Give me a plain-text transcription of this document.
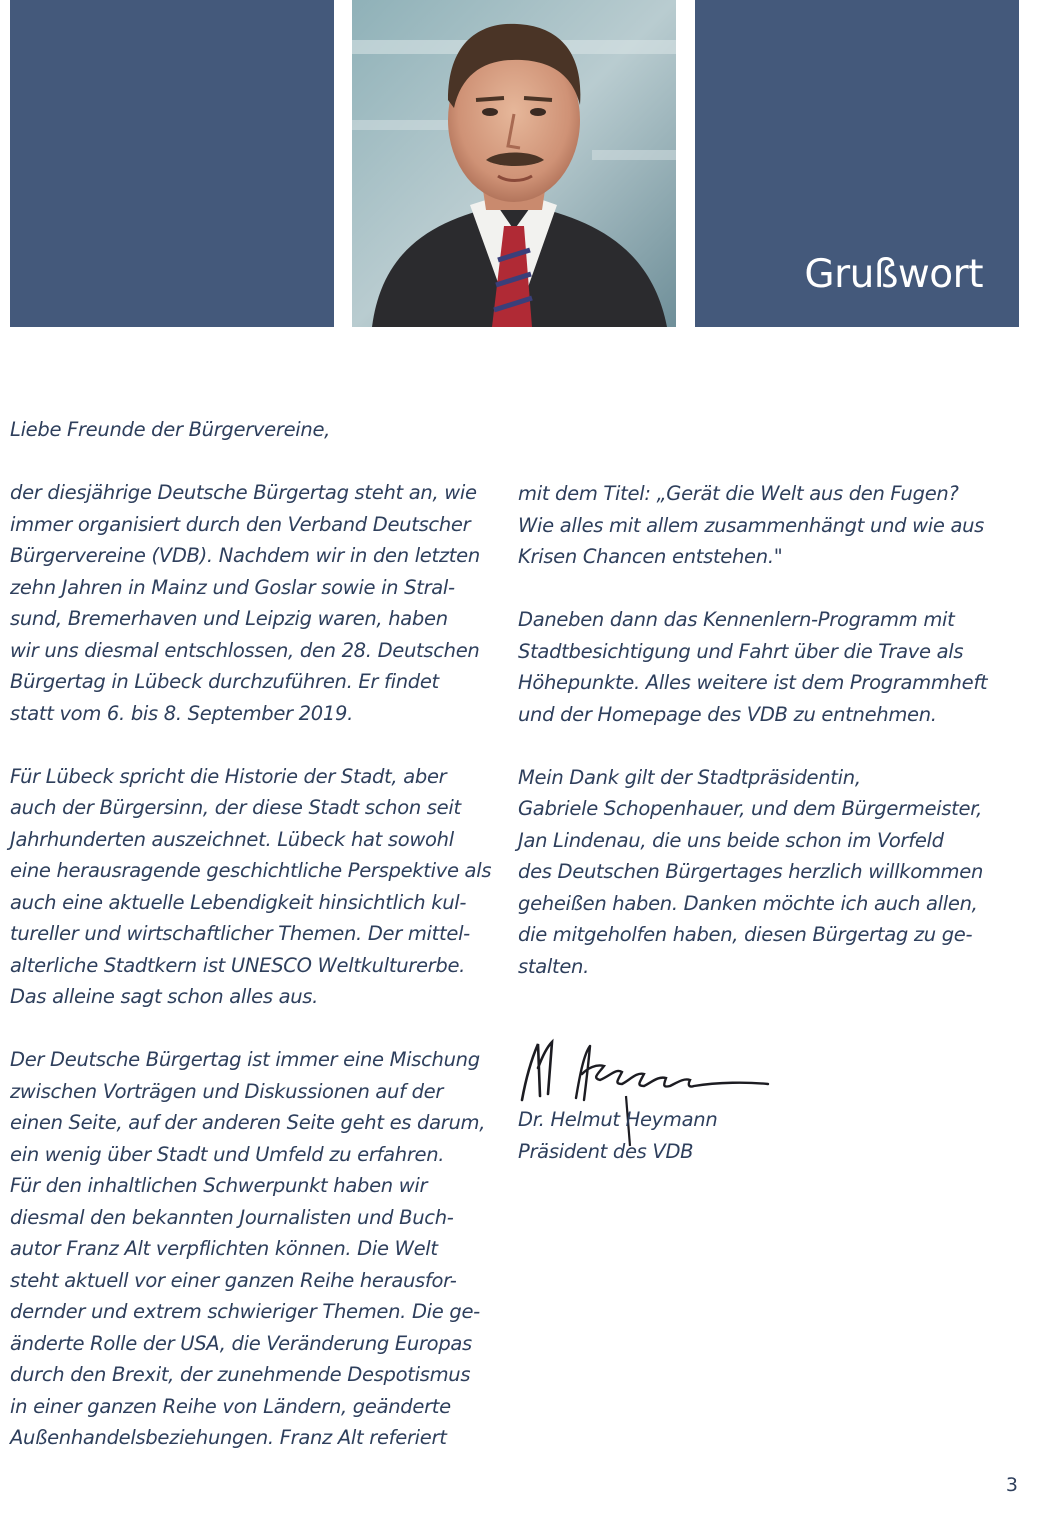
Grußwort

Liebe Freunde der Bürgervereine,

der diesjährige Deutsche Bürgertag steht an, wie
immer organisiert durch den Verband Deutscher
Bürgervereine (VDB). Nachdem wir in den letzten
zehn Jahren in Mainz und Goslar sowie in Stral-
sund, Bremerhaven und Leipzig waren, haben
wir uns diesmal entschlossen, den 28. Deutschen
Bürgertag in Lübeck durchzuführen. Er findet
statt vom 6. bis 8. September 2019.
Für Lübeck spricht die Historie der Stadt, aber
auch der Bürgersinn, der diese Stadt schon seit
Jahrhunderten auszeichnet. Lübeck hat sowohl
eine herausragende geschichtliche Perspektive als
auch eine aktuelle Lebendigkeit hinsichtlich kul-
tureller und wirtschaftlicher Themen. Der mittel-
alterliche Stadtkern ist UNESCO Weltkulturerbe.
Das alleine sagt schon alles aus.
Der Deutsche Bürgertag ist immer eine Mischung
zwischen Vorträgen und Diskussionen auf der
einen Seite, auf der anderen Seite geht es darum,
ein wenig über Stadt und Umfeld zu erfahren.
Für den inhaltlichen Schwerpunkt haben wir
diesmal den bekannten Journalisten und Buch-
autor Franz Alt verpflichten können. Die Welt
steht aktuell vor einer ganzen Reihe herausfor-
dernder und extrem schwieriger Themen. Die ge-
änderte Rolle der USA, die Veränderung Europas
durch den Brexit, der zunehmende Despotismus
in einer ganzen Reihe von Ländern, geänderte
Außenhandelsbeziehungen. Franz Alt referiert
mit dem Titel: „Gerät die Welt aus den Fugen?
Wie alles mit allem zusammenhängt und wie aus
Krisen Chancen entstehen."
Daneben dann das Kennenlern-Programm mit
Stadtbesichtigung und Fahrt über die Trave als
Höhepunkte. Alles weitere ist dem Programmheft
und der Homepage des VDB zu entnehmen.
Mein Dank gilt der Stadtpräsidentin,
Gabriele Schopenhauer, und dem Bürgermeister,
Jan Lindenau, die uns beide schon im Vorfeld
des Deutschen Bürgertages herzlich willkommen
geheißen haben. Danken möchte ich auch allen,
die mitgeholfen haben, diesen Bürgertag zu ge-
stalten.
Dr. Helmut Heymann
Präsident des VDB
3
